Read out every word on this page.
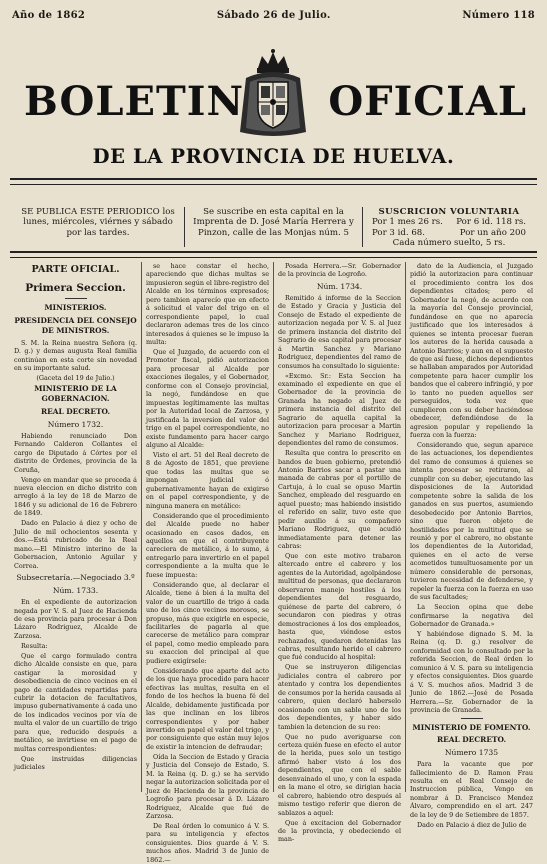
Año de 1862	Sábado 26 de Julio.	Número 118
BOLETIN OFICIAL
DE LA PROVINCIA DE HUELVA.
SE PUBLICA ESTE PERIODICO los lunes, miércoles, viérnes y sábado por las tardes.
Se suscribe en esta capital en la Imprenta de D. José María Herrera y Pinzon, calle de las Monjas núm. 5
SUSCRICION VOLUNTARIA
Por 1 mes 26 rs. Por 6 id. 118 rs.
Por 3 id. 68.	Por un año 200
Cada número suelto, 5 rs.

PARTE OFICIAL.

Primera Seccion.

MINISTERIOS.

PRESIDENCIA DEL CONSEJO DE MINISTROS.

S. M. la Reina nuestra Señora (q. D. g.) y demas augusta Real familia continúan en esta corte sin novedad en su importante salud.

(Gaceta del 19 de Julio.)

MINISTERIO DE LA GOBERNACION.

REAL DECRETO.

Número 1732.

Habiendo renunciado Don Fernando Calderon Collantes el cargo de Diputado á Córtes por el distrito de Órdenes, provincia de la Coruña,

Vengo en mandar que se proceda á nueva eleccion en dicho distrito con arreglo á la ley de 18 de Marzo de 1846 y su adicional de 16 de Febrero de 1849.

Dado en Palacio á diez y ocho de Julio de mil ochocientos sesenta y dos.—Está rubricado de la Real mano.—El Ministro interino de la Gobernacion, Antonio Aguilar y Correa.

Subsecretaría.—Negociado 3.º

Núm. 1733.

En el expediente de autorizacion negada por V. S. al Juez de Hacienda de esa provincia para procesar á Don Lázaro Rodriguez, Alcalde de Zarzosa.

Resulta:

Que el cargo formulado contra dicho Alcalde consiste en que, para castigar la morosidad y desobediencia de cinco vecinos en el pago de cantidades repartidas para cubrir la dotacion de facultativos, impuso gubernativamente á cada uno de los indicados vecinos por vía de multa el valor de un cuartillo de trigo para que, reducido después a metálico, se invirtiese en el pago de multas correspondientes:

Que instruidas diligencias judiciales

se hace constar el hecho, apareciendo que dichas multas se impusieron según el libre-registro del Alcalde en los términos expresados; pero tambien aparecío que en efecto á solicitud el valor del trigo en el correspondiente papel, lo cual declararon ademas tres de los cinco interesados á quienes se le impuso la multa:

Que el Juzgado, de acuerdo con el Promotor fiscal, pidió autorizacion para procesar al Alcalde por exacciones ilegales, y el Gobernador, conforme con el Consejo provincial, la negó, fundándose en que impuestas legítimamente las multas por la Autoridad local de Zarzosa, y justificada la inversion del valor del trigo en el papel correspondiente, no existe fundamento para hacer cargo alguno al Alcalde:

Visto el art. 51 del Real decreto de 8 de Agosto de 1851, que previene que todas las multas que se impongan judicial ó gubernativamente hayan de exigirse en el papel correspondiente, y de ninguna manera en metálico:

Considerando que el procedimiento del Alcalde puede no haber ocasionado en casos dados, en aquellos en que el contribuyente careciera de metálico, á lo sumo, á entregarlo para invertirlo en el papel correspondiente a la multa que le fuese impuesta:

Considerando que, al declarar el Alcalde, tiene á bien á la multa del valor de un cuartillo de trigo á cada uno de los cinco vecinos morosos, se propuso, más que exigirle en especie, facilitarles de pagarla al que carecerse de metálico para comprar el papel, como medio empleado para su exaccion del principal al que pudiere exigírsele:

Considerando que aparte del acto de los que haya procedido para hacer efectivas las multas, resulta en el fondo de los hechos la buena fé del Alcalde, debidamente justificada por las que inclinan en los libros correspondientes y por haber invertido en papel el valor del trigo, y por consiguiente que están muy lejos de existir la intencion de defraudar;

Oída la Seccion de Estado y Gracia y Justicia del Consejo de Estado, S. M. la Reina (q. D. g.) se ha servido negar la autorizacion solicitada por el Juez de Hacienda de la provincia de Logroño para procesar á D. Lázaro Rodriguez, Alcalde que fué de Zarzosa.

De Real órden lo comunico á V. S. para su inteligencia y efectos consiguientes. Dios guarde á V. S. muchos años. Madrid 3 de Junio de 1862.—

Posada Herrera.—Sr. Gobernador de la provincia de Logroño.

Núm. 1734.

Remitido á informe de la Seccion de Estado y Gracia y Justicia del Consejo de Estado el expediente de autorizacion negada por V. S. al Juez de primera instancia del distrito del Sagrario de esa capital para procesar á Martin Sanchez y Mariano Rodriguez, dependientes del ramo de consumos ha consultado lo siguiente:

«Excmo. Sr.: Esta Seccion ha examinado el expediente en que el Gobernador de la provincia de Granada ha negado al Juez de primera instancia del distrito del Sagrario de aquella capital la autorizacion para procesar a Martin Sanchez y Mariano Rodriguez, dependientes del ramo de consumos.

Resulta que contra lo prescrito en bandos de buen gobierno, pretendió Antonio Barrios sacar a pastar una manada de cabras por el portillo de Cartuja, á lo cual se opuso Martin Sanchez, empleado del resguardo en aquel puesto; mas habiendo insistido el referido en salir, tuvo este que pedir auxilio á su compañero Mariano Rodriguez, que acudió inmediatamente para detener las cabras:

Que con este motivo trabaron altercado entre el cabrero y los agentes de la Autoridad, agolpándose multitud de personas, que declararon observaron manejo hostiles á los dependientes del resguardo, quiénese de parte del cabrero, ó secundaron con piedras y otras demostraciones á los dos empleados, hasta que, viéndose estos rechazados, quedaron detenidas las cabras, resultando herido el cabrero que fué conducido al hospital:

Que se instruyeron diligencias judiciales contra el cabrero por atentado y contra los dependientes de consumos por la herida causada al cabrero, quien declaró haberselo ocasionado con un sable uno de los dos dependientes, y haber sido tambien la detencion de su reo:

Que no pudo averiguarse con certeza quién fuese en efecto el autor de la herida, pues solo un testigo afirmó haber visto á los dos dependientes, que con el sable desenvainado el uno, y con la espada en la mano el otro, se dirigian hacia el cabrero, habiendo otro después al mismo testigo referir que dieron de sablazos a aquel:

Que á excitacion del Gobernador de la provincia, y obedeciendo el man-

dato de la Audiencia, el Juzgado pidió la autorizacion para continuar el procedimiento contra los dos dependientes citados; pero el Gobernador la negó, de acuerdo con la mayoría del Consejo provincial, fundándose en que no aparecía justificado que los interesados á quienes se intenta procesar fueran los autores de la herida causada a Antonio Barrios; y aun en el supuesto de que así fuese, dichos dependientes se hallaban amparados por Autoridad competente para hacer cumplir los bandos que el cabrero infringió, y por lo tanto no pueden aquellos ser perseguidos, toda vez que cumplieron con su deber haciéndose obedecer, defendiéndose de la agresion popular y repeliendo la fuerza con la fuerza:

Considerando que, segun aparece de las actuaciones, los dependientes del ramo de consumos á quienes se intenta procesar se retiraron, al cumplir con su deber, ejecutando las disposiciones de la Autoridad competente sobre la salida de los ganados en sus puertos, asumiendo desobedecido por Antonio Barrios, sino que fueron objeto de hostilidades por la multitud que se reunió y por el cabrero, no obstante los dependientes de la Autoridad, quienes en el acto de verse acometidos tumultuosamente por un número considerable de personas, tuvieron necesidad de defenderse, y repeler la fuerza con la fuerza en uso de sus facultades;

La Seccion opina que debe confirmarse la negativa del Gobernador de Granada.»

Y habiéndose dignado S. M. la Reina (q. D. g.) resolver de conformidad con lo consultado por la referida Seccion, de Real órden lo comunico á V. S. para su inteligencia y efectos consiguientes. Dios guarde á V. S. muchos años. Madrid 3 de Junio de 1862.—José de Posada Herrera.—Sr. Gobernador de la provincia de Granada.

MINISTERIO DE FOMENTO.

REAL DECRETO.

Número 1735

Para la vacante que por fallecimiento de D. Ramon Frau resulta en el Real Consejo de Instruccion pública, Vengo en nombrar á D. Francisco Mendez Álvaro, comprendido en el art. 247 de la ley de 9 de Setiembre de 1857.

Dado en Palacio á diez de Julio de
